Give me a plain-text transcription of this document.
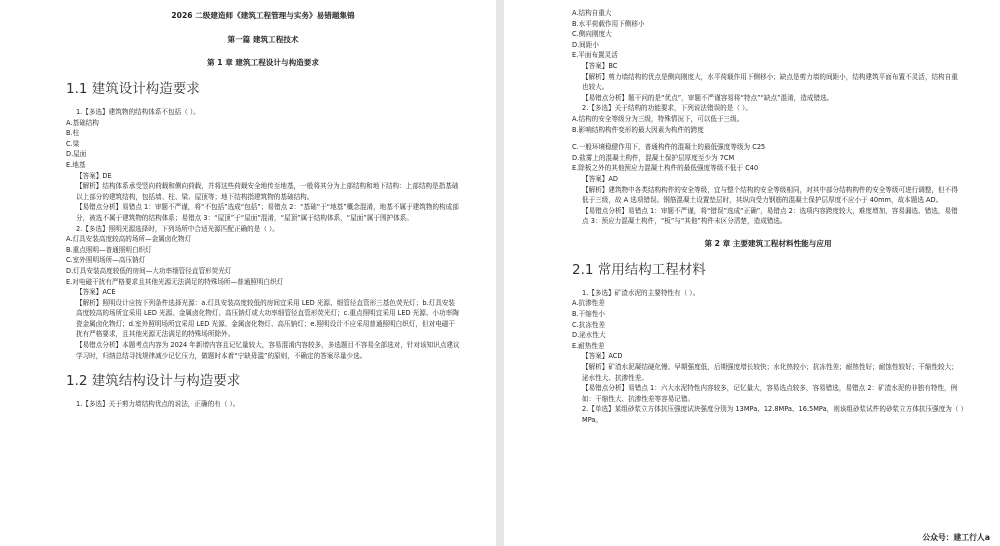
2026 二级建造师《建筑工程管理与实务》易错题集锦

第一篇 建筑工程技术

第 1 章 建筑工程设计与构造要求

1.1 建筑设计构造要求

1.【多选】建筑物的结构体系不包括（ ）。

A.基础结构

B.柱

C.梁

D.屋面

E.地基

【答案】DE

【解析】结构体系承受竖向荷载和侧向荷载，并将这些荷载安全地传至地基，一般将其分为上部结构和地下结构：上部结构是指基础以上部分的建筑结构，包括墙、柱、梁、屋顶等；地下结构指建筑物的基础结构。

【易错点分析】易错点 1：审题不严谨，将“不包括”选成“包括”；易错点 2：“基础”于“地基”概念混淆，地基不属于建筑物的构成部分，被选不属于建筑物的结构体系；易错点 3：“屋顶”于“屋面”混淆，“屋顶”属于结构体系，“屋面”属于围护体系。

2.【多选】照明光源选择时，下列场所中合适光源匹配正确的是（ ）。

A.灯具安装高度较高的场所—金属卤化物灯

B.重点照明—普通照明白织灯

C.室外照明场所—高压钠灯

D.灯具安装高度较低的房间—大功率细管径直管形荧光灯

E.对电磁干扰有严格要求且其他光源无法满足的特殊场所—普通照明白织灯

【答案】ACE

【解析】照明设计应按下列条件选择光源：a.灯具安装高度较低的房间宜采用 LED 光源、细管径直管形三基色荧光灯；b.灯具安装高度较高的场所宜采用 LED 光源、金属卤化物灯、高压钠灯或大功率细管径直管形荧光灯；c.重点照明宜采用 LED 光源、小功率陶瓷金属卤化物灯；d.室外照明场所宜采用 LED 光源、金属卤化物灯、高压钠灯；e.照明设计不应采用普通照明白织灯，但对电磁干扰有严格要求，且其他光源无法满足的特殊场所除外。

【易错点分析】本题考点内容为 2024 年新增内容且记忆量较大，容易混淆内容较多，多选题目不容易全部选对，针对该知识点建议学习时，归纳总结寻找规律减少记忆压力，做题时本着“宁缺毋滥”的原则，不确定的答案尽量少选。

1.2 建筑结构设计与构造要求

1.【多选】关于剪力墙结构优点的说法，正确的有（ ）。

A.结构自重大

B.水平荷载作用下侧移小

C.侧向刚度大

D.间距小

E.平面布置灵活

【答案】BC

【解析】剪力墙结构的优点是侧向刚度大，水平荷载作用下侧移小；缺点是剪力墙的间距小，结构建筑平面布置不灵活，结构自重也较大。

【易错点分析】题干问的是“优点”，审题不严谨容易将“特点”“缺点”混淆，造成错选。

2.【多选】关于结构的功能要求，下列说法错误的是（ ）。

A.结构的安全等级分为三级，特殊情况下，可以低于三级。

B.影响结构构件变形的最大因素为构件的跨度

C.一般环境稳健作用下，普通构件的混凝土的最低强度等级为 C25

D.盐雾上的混凝土构件，混凝土保护层厚度至少为 7CM

E.除板之外的其他预应力混凝土构件的最低强度等级不低于 C40

【答案】AD

【解析】建筑物中各类结构构件的安全等级，宜与整个结构的安全等级相同，对其中部分结构构件的安全等级可进行调整，但不得低于三级，故 A 选项错误。钢筋混凝土设置垫层时，其纵向受力钢筋的混凝土保护层厚度不应小于 40mm，故本题选 AD。

【易错点分析】易错点 1：审题不严谨，将“错误”选成“正确”，易错点 2：选项内容跨度较大，难度增加，容易漏选、错选，易错点 3：预应力混凝土构件，“板”与“其他”构件未区分清楚，造成错选。

第 2 章 主要建筑工程材料性能与应用

2.1 常用结构工程材料

1.【多选】矿渣水泥的主要特性有（ ）。

A.抗渗性差

B.干缩性小

C.抗冻性差

D.泌水性大

E.耐热性差

【答案】ACD

【解析】矿渣水泥凝结硬化慢、早期强度低，后期强度增长较快；水化热较小；抗冻性差；耐热性好；耐蚀性较好；干缩性较大；泌水性大、抗渗性差。

【易错点分析】易错点 1：六大水泥特性内容较多，记忆量大，容易选点较多，容易错选，易错点 2：矿渣水泥的非独有特性，例如：干缩性大、抗渗性差等容易记错。

2.【单选】某组砂浆立方体抗压强度试块强度分别为 13MPa、12.8MPa、16.5MPa，则该组砂浆试件的砂浆立方体抗压强度为（ ）MPa。

公众号：建工行人a
